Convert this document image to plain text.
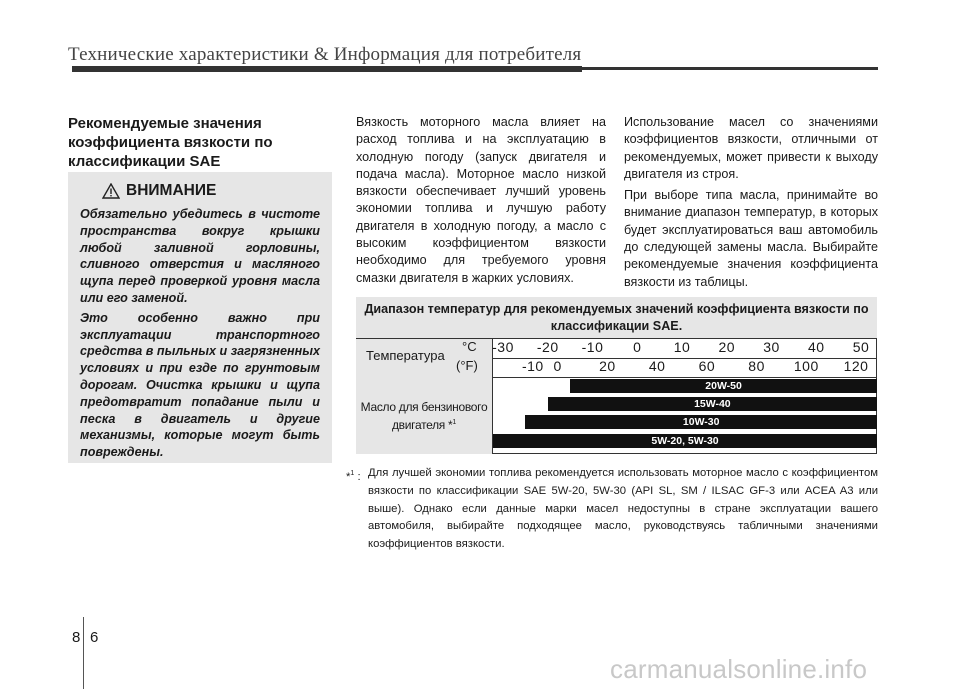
Технические характеристики & Информация для потребителя
Рекомендуемые значения коэффициента вязкости по классификации SAE
ВНИМАНИЕ

Обязательно убедитесь в чистоте пространства вокруг крышки любой заливной горловины, сливного отверстия и масляного щупа перед проверкой уровня масла или его заменой.

Это особенно важно при эксплуатации транспортного средства в пыльных и загрязненных условиях и при езде по грунтовым дорогам. Очистка крышки и щупа предотвратит попадание пыли и песка в двигатель и другие механизмы, которые могут быть повреждены.

Вязкость моторного масла влияет на расход топлива и на эксплуатацию в холодную погоду (запуск двигателя и подача масла). Моторное масло низкой вязкости обеспечивает лучший уровень экономии топлива и лучшую работу двигателя в холодную погоду, а масло с высоким коэффициентом вязкости необходимо для требуемого уровня смазки двигателя в жарких условиях.

Использование масел со значениями коэффициентов вязкости, отличными от рекомендуемых, может привести к выходу двигателя из строя.

При выборе типа масла, принимайте во внимание диапазон температур, в которых будет эксплуатироваться ваш автомобиль до следующей замены масла. Выбирайте рекомендуемые значения коэффициента вязкости из таблицы.

Диапазон температур для рекомендуемых значений коэффициента вязкости по классификации SAE.
Температура
°C
(°F)
-30 -20 -10 0 10 20 30 40 50
-10 0	20 40 60 80 100 120
Масло для бензинового двигателя *$^1$
20W-50
15W-40
10W-30
5W-20, 5W-30
*$^1$ : Для лучшей экономии топлива рекомендуется использовать моторное масло с коэффициентом вязкости по классификации SAE 5W-20, 5W-30 (API SL, SM / ILSAC GF-3 или ACEA A3 или выше). Однако если данные марки масел недоступны в стране эксплуатации вашего автомобиля, выбирайте подходящее масло, руководствуясь табличными значениями коэффициентов вязкости.
8 6
carmanualsonline.info
